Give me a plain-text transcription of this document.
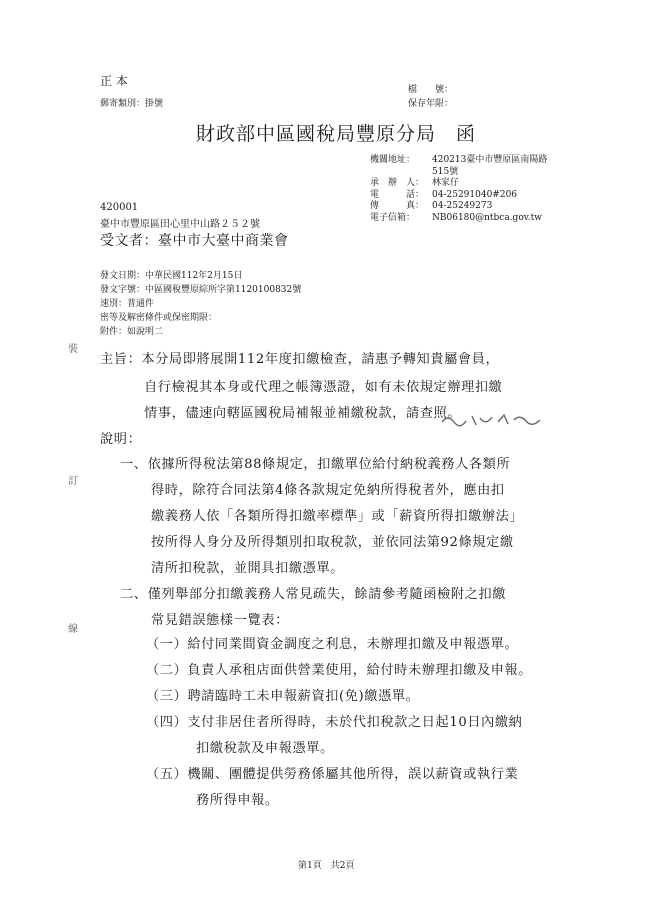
正 本
郵寄類別：掛號
檔　　號：
保存年限：
財政部中區國稅局豐原分局　函
機關地址： 420213臺中市豐原區南陽路
515號
承　辦　人： 林家仔
電　　　話： 04-25291040#206
傳　　　真： 04-25249273
電子信箱： NB06180@ntbca.gov.tw
420001
臺中市豐原區田心里中山路２５２號
受文者：臺中市大臺中商業會
發文日期：中華民國112年2月15日
發文字號：中區國稅豐原綜所字第1120100832號
速別：普通件
密等及解密條件或保密期限：
附件：如說明二
裝
訂
線
主旨：本分局即將展開112年度扣繳檢查，請惠予轉知貴屬會員，
自行檢視其本身或代理之帳簿憑證，如有未依規定辦理扣繳
情事，儘速向轄區國稅局補報並補繳稅款，請查照。
說明：
一、依據所得稅法第88條規定，扣繳單位給付納稅義務人各類所
得時，除符合同法第4條各款規定免納所得稅者外，應由扣
繳義務人依「各類所得扣繳率標準」或「薪資所得扣繳辦法」
按所得人身分及所得類別扣取稅款，並依同法第92條規定繳
清所扣稅款，並開具扣繳憑單。
二、僅列舉部分扣繳義務人常見疏失，餘請參考隨函檢附之扣繳
常見錯誤態樣一覽表：
（一）給付同業間資金調度之利息，未辦理扣繳及申報憑單。
（二）負責人承租店面供營業使用，給付時未辦理扣繳及申報。
（三）聘請臨時工未申報薪資扣(免)繳憑單。
（四）支付非居住者所得時，未於代扣稅款之日起10日內繳納
扣繳稅款及申報憑單。
（五）機關、團體提供勞務係屬其他所得，誤以薪資或執行業
務所得申報。
第1頁　共2頁
